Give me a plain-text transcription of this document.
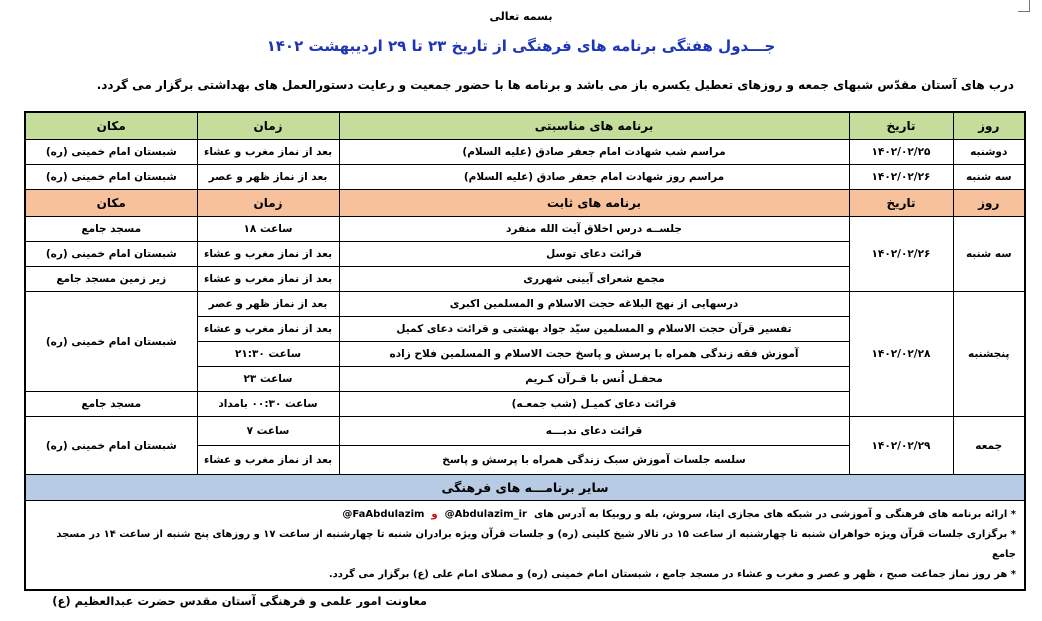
بسمه تعالی
جـــدول هفتگی برنامه های فرهنگی از تاریخ ۲۳ تا ۲۹ اردیبهشت ۱۴۰۲
درب های آستان مقدّس شبهای جمعه و روزهای تعطیل یکسره باز می باشد و برنامه ها با حضور جمعیت و رعایت دستورالعمل های بهداشتی برگزار می گردد.
روز	تاریخ	برنامه های مناسبتی	زمان	مکان
دوشنبه	۱۴۰۲/۰۲/۲۵	مراسم شب شهادت امام جعفر صادق (علیه السلام)	بعد از نماز مغرب و عشاء	شبستان امام خمینی (ره)
سه شنبه	۱۴۰۲/۰۲/۲۶	مراسم روز شهادت امام جعفر صادق (علیه السلام)	بعد از نماز ظهر و عصر	شبستان امام خمینی (ره)
روز	تاریخ	برنامه های ثابت	زمان	مکان
سه شنبه	۱۴۰۲/۰۲/۲۶	جلســه درس اخلاق آیت الله منفرد	ساعت ۱۸	مسجد جامع
		قرائت دعای توسل	بعد از نماز مغرب و عشاء	شبستان امام خمینی (ره)
		مجمع شعرای آیینی شهرری	بعد از نماز مغرب و عشاء	زیر زمین مسجد جامع
پنجشنبه	۱۴۰۲/۰۲/۲۸	درسهایی از نهج البلاغه حجت الاسلام و المسلمین اکبری	بعد از نماز ظهر و عصر	شبستان امام خمینی (ره)
		تفسیر قرآن حجت الاسلام و المسلمین سیّد جواد بهشتی و قرائت دعای کمیل	بعد از نماز مغرب و عشاء	
		آموزش فقه زندگی همراه با پرسش و پاسخ حجت الاسلام و المسلمین فلاح زاده	ساعت ۲۱:۳۰	
		محفـل اُنس با قـرآن کـریم	ساعت ۲۳	
		قرائت دعای کمیـل (شب جمعـه)	ساعت ۰۰:۳۰ بامداد	مسجد جامع
جمعه	۱۴۰۲/۰۲/۲۹	قرائت دعای ندبـــه	ساعت ۷	شبستان امام خمینی (ره)
		سلسه جلسات آموزش سبک زندگی همراه با پرسش و پاسخ	بعد از نماز مغرب و عشاء	
سایر برنامـــه های فرهنگی				

* ارائه برنامه های فرهنگی و آموزشی در شبکه های مجازی ایتا، سروش، بله و روبیکا به آدرس های  @Abdulazim_ir  و  @FaAbdulazim
* برگزاری جلسات قرآن ویژه خواهران شنبه تا چهارشنبه از ساعت ۱۵ در تالار شیخ کلینی (ره) و جلسات قرآن ویژه برادران شنبه تا چهارشنبه از ساعت ۱۷ و روزهای پنج شنبه از ساعت ۱۴ در مسجد جامع
* هر روز نماز جماعت صبح ، ظهر و عصر و مغرب و عشاء در مسجد جامع ، شبستان امام خمینی (ره) و مصلای امام علی (ع) برگزار می گردد.				
معاونت امور علمی و فرهنگی آستان مقدس حضرت عبدالعظیم (ع)
